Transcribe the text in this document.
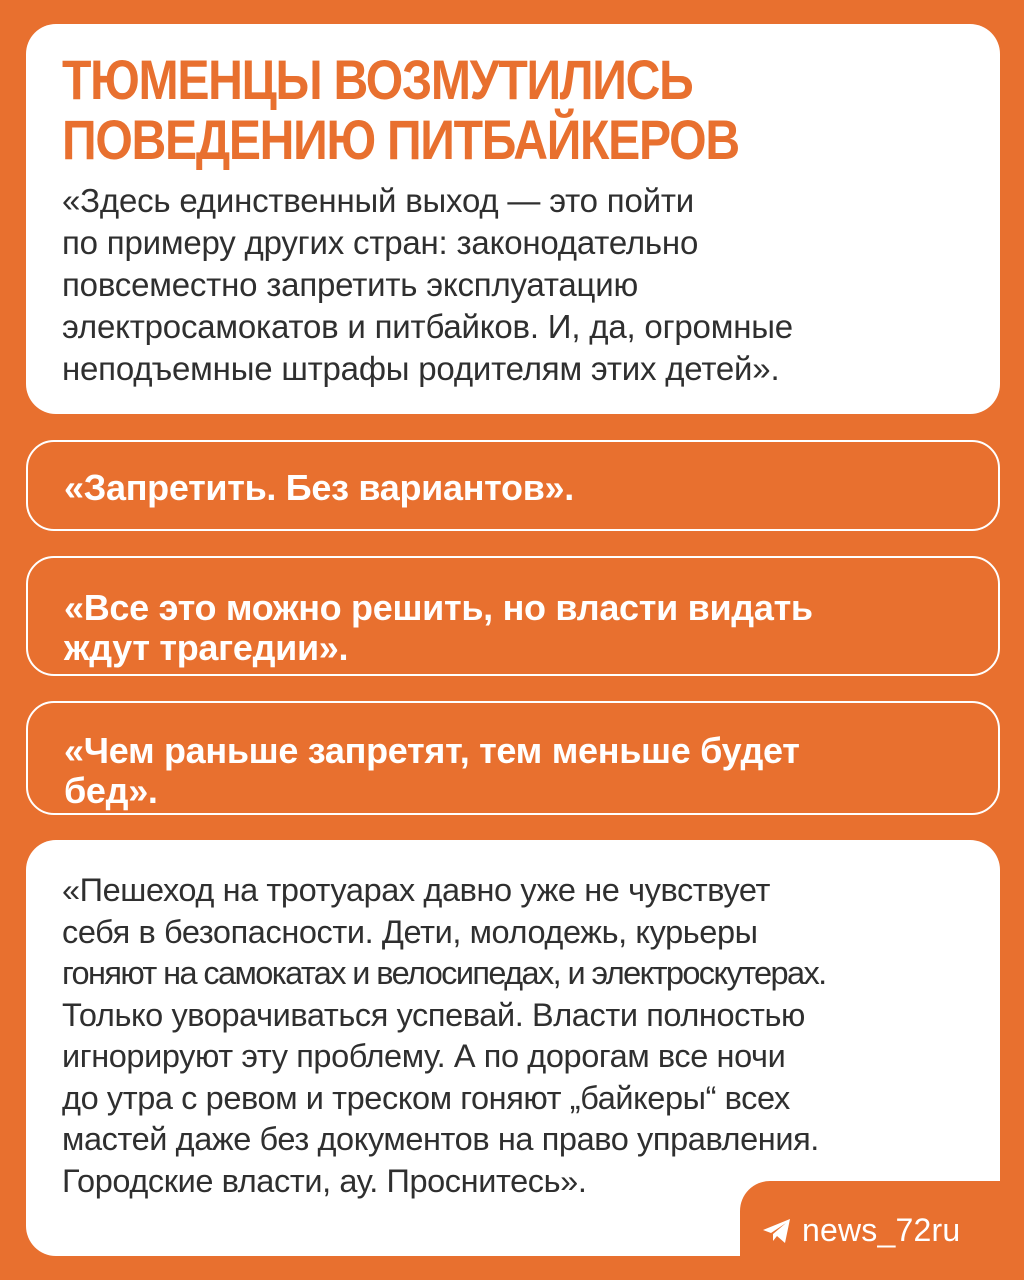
ТЮМЕНЦЫ ВОЗМУТИЛИСЬ
ПОВЕДЕНИЮ ПИТБАЙКЕРОВ

«Здесь единственный выход — это пойти
по примеру других стран: законодательно
повсеместно запретить эксплуатацию
электросамокатов и питбайков. И, да, огромные
неподъемные штрафы родителям этих детей».

«Запретить. Без вариантов».

«Все это можно решить, но власти видать
ждут трагедии».

«Чем раньше запретят, тем меньше будет
бед».

«Пешеход на тротуарах давно уже не чувствует
себя в безопасности. Дети, молодежь, курьеры
гоняют на самокатах и велосипедах, и электроскутерах.
Только уворачиваться успевай. Власти полностью
игнорируют эту проблему. А по дорогам все ночи
до утра с ревом и треском гоняют „байкеры“ всех
мастей даже без документов на право управления.
Городские власти, ау. Проснитесь».

news_72ru
